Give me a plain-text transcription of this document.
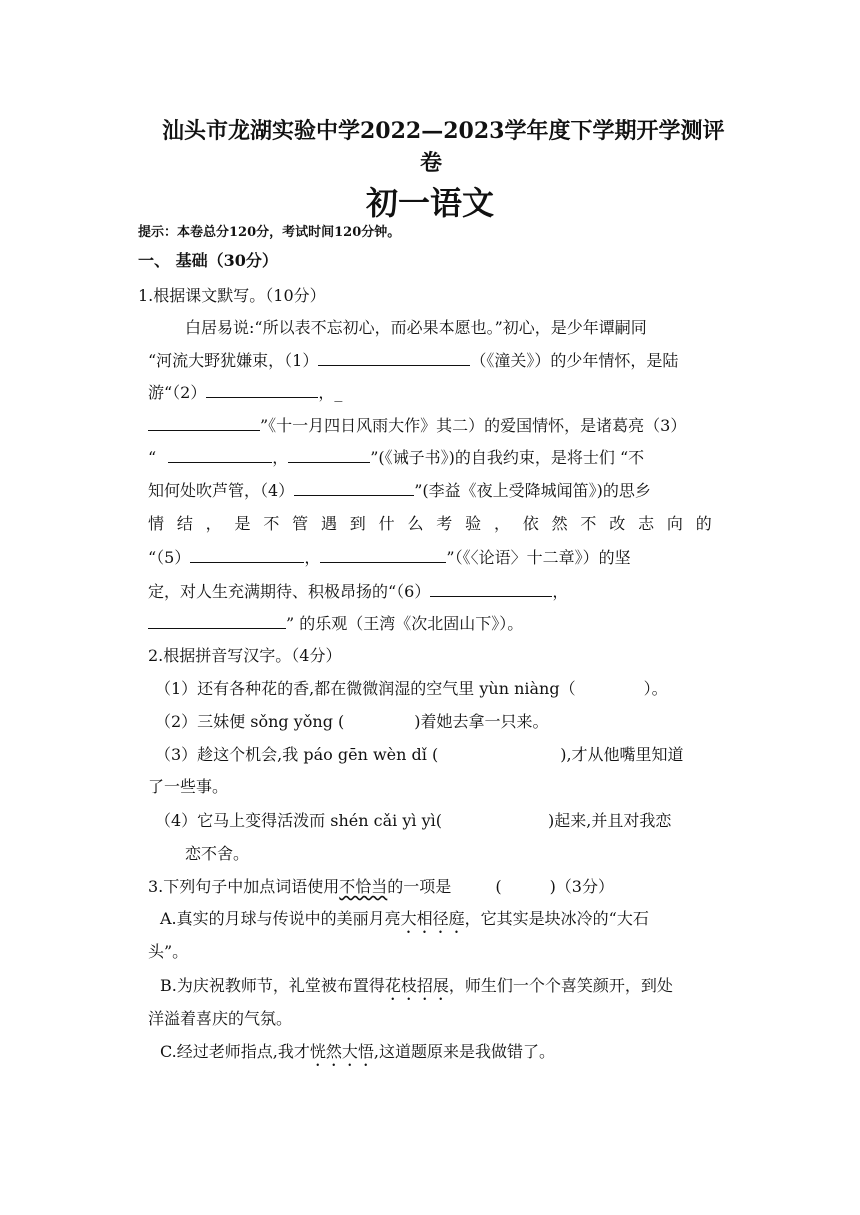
汕头市龙湖实验中学2022—2023学年度下学期开学测评
卷
初一语文
提示：本卷总分120分，考试时间120分钟。
一、 基础（30分）
1.根据课文默写。（10分）
白居易说:“所以表不忘初心，而必果本愿也。”初心，是少年谭嗣同
“河流大野犹嫌束，（1）	（《潼关》）的少年情怀，是陆
游“（2）	，_
”《十一月四日风雨大作》其二）的爱国情怀，是诸葛亮（3）
“	，	”(《诫子书》)的自我约束，是将士们 “不
知何处吹芦管，（4）	”(李益《夜上受降城闻笛》)的思乡
情 结 ， 是 不 管 遇 到 什 么 考 验 ， 依 然 不 改 志 向 的
“（5）	，	”（《〈论语〉十二章》）的坚
定，对人生充满期待、积极昂扬的“（6）	，
” 的乐观（王湾《次北固山下》）。
2.根据拼音写汉字。（4分）
（1）还有各种花的香,都在微微润湿的空气里 yùn niàng（	）。
（2）三妹便 sǒng yǒng (	)着她去拿一只来。
（3）趁这个机会,我 páo gēn wèn dǐ (	),才从他嘴里知道
了一些事。
（4）它马上变得活泼而 shén cǎi yì yì(	)起来,并且对我恋
恋不舍。
3.下列句子中加点词语使用不恰当的一项是	(	)（3分）
A.真实的月球与传说中的美丽月亮大相径庭，它其实是块冰冷的“大石
头”。
B.为庆祝教师节，礼堂被布置得花枝招展，师生们一个个喜笑颜开，到处
洋溢着喜庆的气氛。
C.经过老师指点,我才恍然大悟,这道题原来是我做错了。
